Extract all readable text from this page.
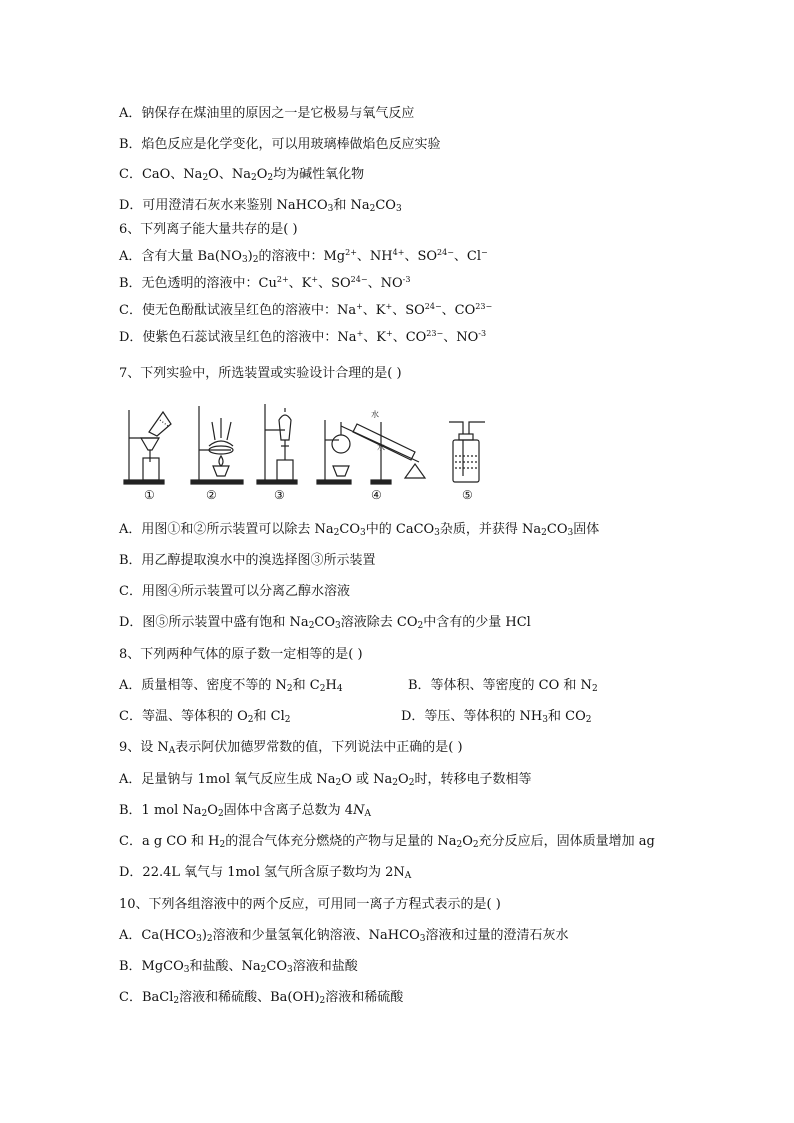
A．钠保存在煤油里的原因之一是它极易与氧气反应
B．焰色反应是化学变化，可以用玻璃棒做焰色反应实验
C．CaO、$Na_2O$、$Na_2O_2$均为碱性氧化物
D．可用澄清石灰水来鉴别 NaHCO$_3$和 $Na_2CO_3$
6、下列离子能大量共存的是( )
A．含有大量 $Ba(NO_3)_2$的溶液中：$Mg^{2+}$、$NH^{4+}$、$SO^{24-}$、Cl−
B．无色透明的溶液中：$Cu^{2+}$、K+、$SO^{24-}$、$NO^{-3}$
C．使无色酚酞试液呈红色的溶液中：Na+、K+、$SO^{24-}$、$CO^{23-}$
D．使紫色石蕊试液呈红色的溶液中：Na+、K+、$CO^{23-}$、$NO^{-3}$
7、下列实验中，所选装置或实验设计合理的是( )
水
水
①	②	③	④	⑤
A．用图①和②所示装置可以除去 $Na_2CO_3$中的 CaCO$_3$杂质，并获得 $Na_2CO_3$固体
B．用乙醇提取溴水中的溴选择图③所示装置
C．用图④所示装置可以分离乙醇水溶液
D．图⑤所示装置中盛有饱和 $Na_2CO_3$溶液除去 $CO_2$中含有的少量 HCl
8、下列两种气体的原子数一定相等的是( )
A．质量相等、密度不等的 $N_2$和 $C_2H_4$	B．等体积、等密度的 CO 和 $N_2$
C．等温、等体积的 $O_2$和 $Cl_2$	D．等压、等体积的 $NH_3$和 $CO_2$
9、设 $N_A$表示阿伏加德罗常数的值，下列说法中正确的是( )
A．足量钠与 1mol 氧气反应生成 $Na_2O$ 或 $Na_2O_2$时，转移电子数相等
B．1 mol $Na_2O_2$固体中含离子总数为 $4N_A$
C．a g CO 和 $H_2$的混合气体充分燃烧的产物与足量的 $Na_2O_2$充分反应后，固体质量增加 ag
D．22.4L 氧气与 1mol 氢气所含原子数均为 $2N_A$
10、下列各组溶液中的两个反应，可用同一离子方程式表示的是( )
A．$Ca(HCO_3)_2$溶液和少量氢氧化钠溶液、NaHCO$_3$溶液和过量的澄清石灰水
B．MgCO$_3$和盐酸、$Na_2CO_3$溶液和盐酸
C．BaCl$_2$溶液和稀硫酸、$Ba(OH)_2$溶液和稀硫酸
